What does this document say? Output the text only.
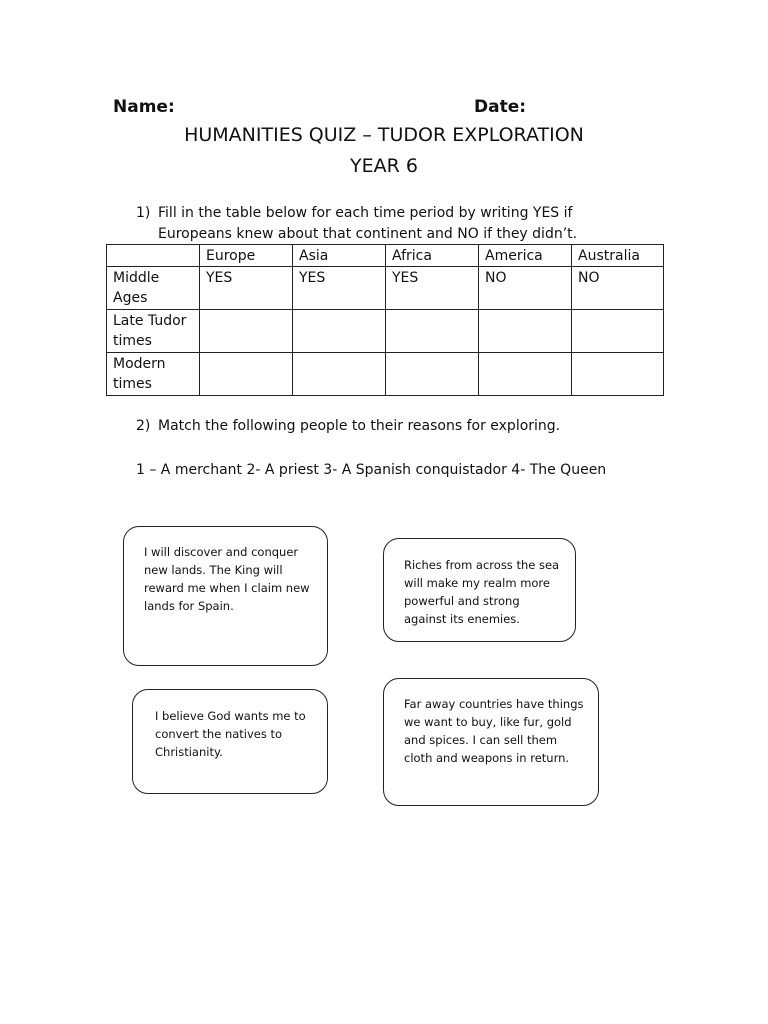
Name:	Date:
HUMANITIES QUIZ – TUDOR EXPLORATION
YEAR 6
1) Fill in the table below for each time period by writing YES if
Europeans knew about that continent and NO if they didn’t.
	Europe	Asia	Africa	America	Australia
Middle Ages	YES	YES	YES	NO	NO
Late Tudor times					
Modern times					
2) Match the following people to their reasons for exploring.
1 – A merchant 2- A priest 3- A Spanish conquistador 4- The Queen
I will discover and conquer new lands. The King will reward me when I claim new lands for Spain.
Riches from across the sea will make my realm more powerful and strong against its enemies.
I believe God wants me to convert the natives to Christianity.
Far away countries have things we want to buy, like fur, gold and spices. I can sell them cloth and weapons in return.
